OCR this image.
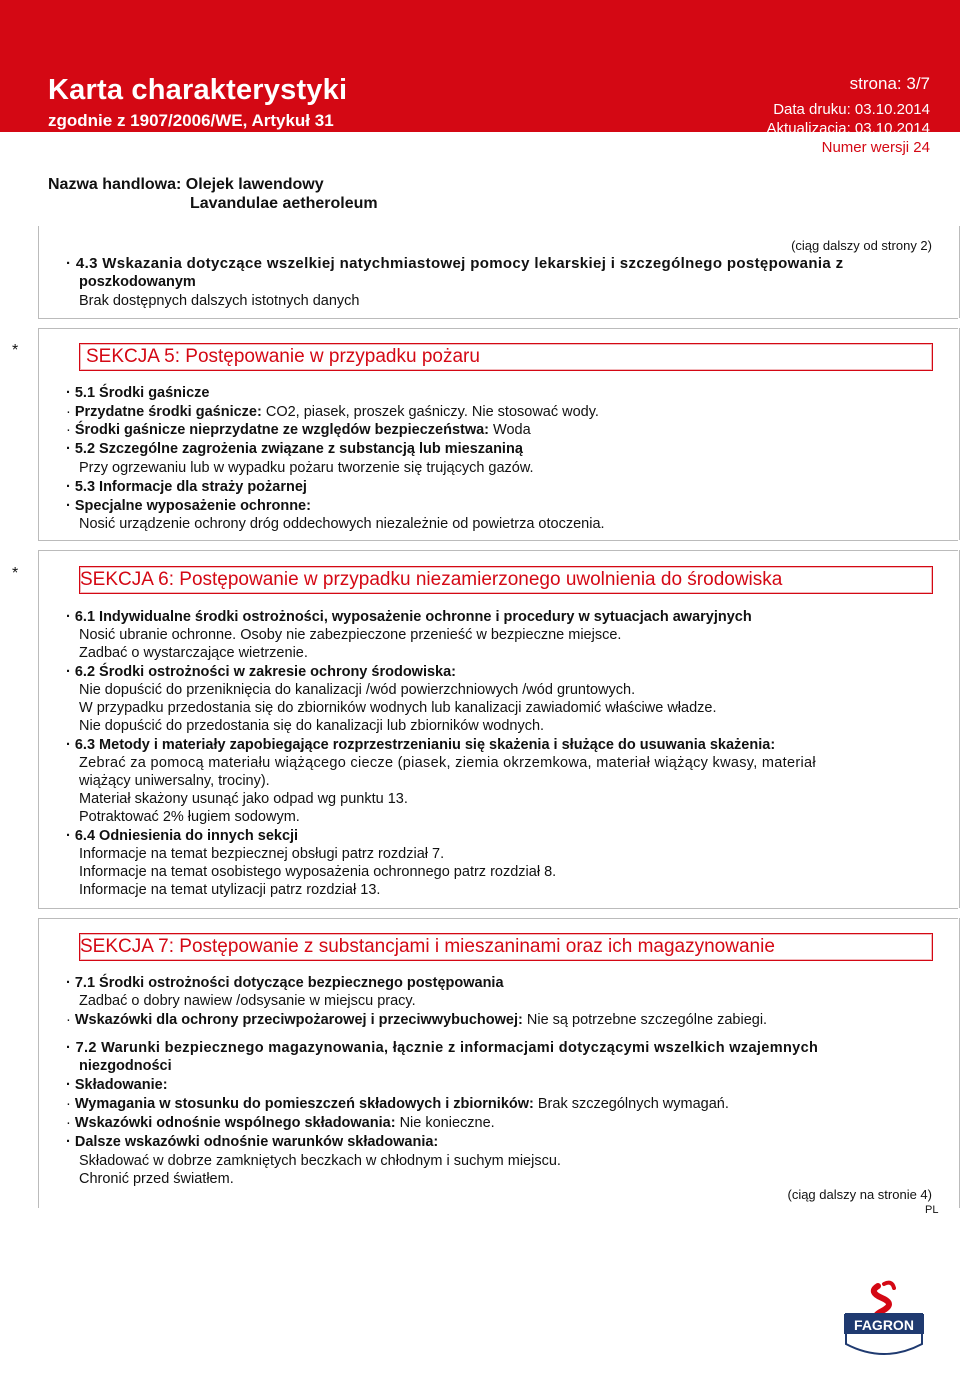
Karta charakterystyki
zgodnie z 1907/2006/WE, Artykuł 31
strona: 3/7
Data druku: 03.10.2014
Aktualizacja: 03.10.2014
Numer wersji 24
Nazwa handlowa: Olejek lawendowy
Lavandulae aetheroleum
(ciąg dalszy od strony 2)
· 4.3 Wskazania dotyczące wszelkiej natychmiastowej pomocy lekarskiej i szczególnego postępowania z
poszkodowanym
Brak dostępnych dalszych istotnych danych
*	SEKCJA 5: Postępowanie w przypadku pożaru
· 5.1 Środki gaśnicze
· Przydatne środki gaśnicze: CO2, piasek, proszek gaśniczy. Nie stosować wody.
· Środki gaśnicze nieprzydatne ze względów bezpieczeństwa: Woda
· 5.2 Szczególne zagrożenia związane z substancją lub mieszaniną
Przy ogrzewaniu lub w wypadku pożaru tworzenie się trujących gazów.
· 5.3 Informacje dla straży pożarnej
· Specjalne wyposażenie ochronne:
Nosić urządzenie ochrony dróg oddechowych niezależnie od powietrza otoczenia.
*	SEKCJA 6: Postępowanie w przypadku niezamierzonego uwolnienia do środowiska
· 6.1 Indywidualne środki ostrożności, wyposażenie ochronne i procedury w sytuacjach awaryjnych
Nosić ubranie ochronne. Osoby nie zabezpieczone przenieść w bezpieczne miejsce.
Zadbać o wystarczające wietrzenie.
· 6.2 Środki ostrożności w zakresie ochrony środowiska:
Nie dopuścić do przeniknięcia do kanalizacji /wód powierzchniowych /wód gruntowych.
W przypadku przedostania się do zbiorników wodnych lub kanalizacji zawiadomić właściwe władze.
Nie dopuścić do przedostania się do kanalizacji lub zbiorników wodnych.
· 6.3 Metody i materiały zapobiegające rozprzestrzenianiu się skażenia i służące do usuwania skażenia:
Zebrać za pomocą materiału wiążącego ciecze (piasek, ziemia okrzemkowa, materiał wiążący kwasy, materiał
wiążący uniwersalny, trociny).
Materiał skażony usunąć jako odpad wg punktu 13.
Potraktować 2% ługiem sodowym.
· 6.4 Odniesienia do innych sekcji
Informacje na temat bezpiecznej obsługi patrz rozdział 7.
Informacje na temat osobistego wyposażenia ochronnego patrz rozdział 8.
Informacje na temat utylizacji patrz rozdział 13.
SEKCJA 7: Postępowanie z substancjami i mieszaninami oraz ich magazynowanie
· 7.1 Środki ostrożności dotyczące bezpiecznego postępowania
Zadbać o dobry nawiew /odsysanie w miejscu pracy.
· Wskazówki dla ochrony przeciwpożarowej i przeciwwybuchowej: Nie są potrzebne szczególne zabiegi.
· 7.2 Warunki bezpiecznego magazynowania, łącznie z informacjami dotyczącymi wszelkich wzajemnych
niezgodności
· Składowanie:
· Wymagania w stosunku do pomieszczeń składowych i zbiorników: Brak szczególnych wymagań.
· Wskazówki odnośnie wspólnego składowania: Nie konieczne.
· Dalsze wskazówki odnośnie warunków składowania:
Składować w dobrze zamkniętych beczkach w chłodnym i suchym miejscu.
Chronić przed światłem.
(ciąg dalszy na stronie 4)
PL
FAGRON
